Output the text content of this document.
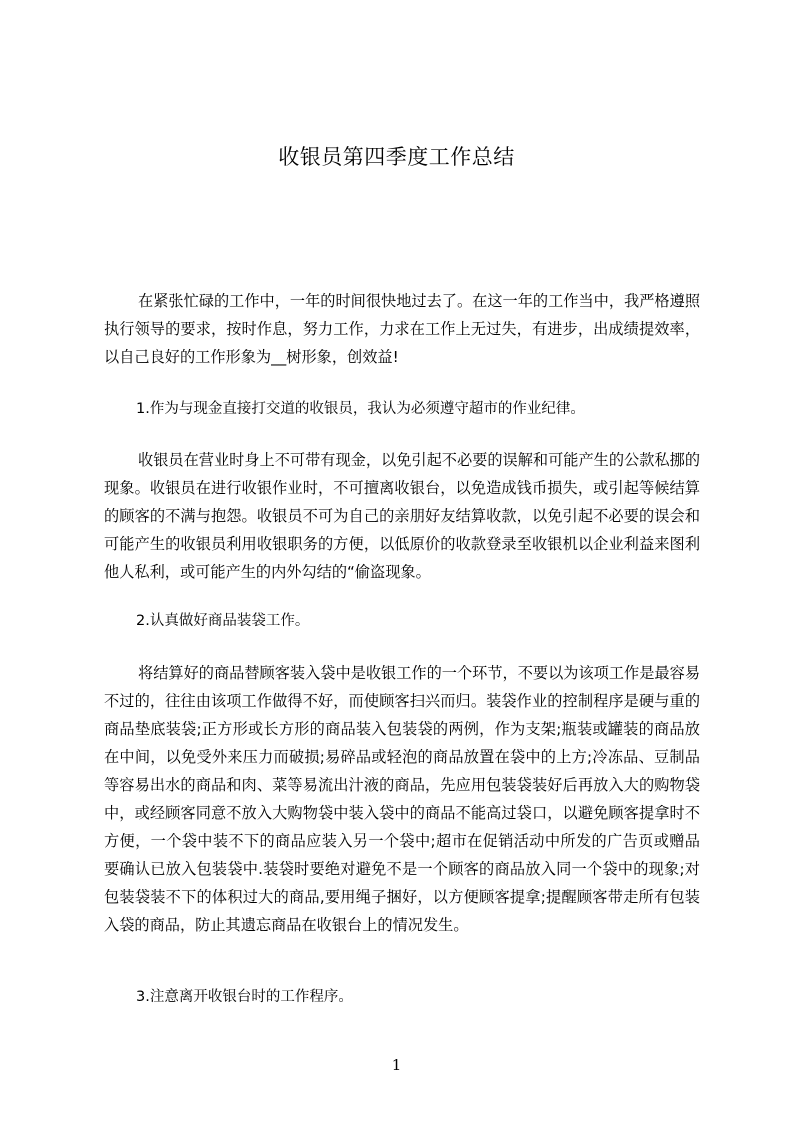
收银员第四季度工作总结

在紧张忙碌的工作中，一年的时间很快地过去了。在这一年的工作当中，我严格遵照执行领导的要求，按时作息，努力工作，力求在工作上无过失，有进步，出成绩提效率，以自己良好的工作形象为__树形象，创效益!

1.作为与现金直接打交道的收银员，我认为必须遵守超市的作业纪律。

收银员在营业时身上不可带有现金，以免引起不必要的误解和可能产生的公款私挪的现象。收银员在进行收银作业时，不可擅离收银台，以免造成钱币损失，或引起等候结算的顾客的不满与抱怨。收银员不可为自己的亲朋好友结算收款，以免引起不必要的误会和可能产生的收银员利用收银职务的方便，以低原价的收款登录至收银机以企业利益来图利他人私利，或可能产生的内外勾结的“偷盗现象。

2.认真做好商品装袋工作。

将结算好的商品替顾客装入袋中是收银工作的一个环节，不要以为该项工作是最容易不过的，往往由该项工作做得不好，而使顾客扫兴而归。装袋作业的控制程序是硬与重的商品垫底装袋;正方形或长方形的商品装入包装袋的两例，作为支架;瓶装或罐装的商品放在中间，以免受外来压力而破损;易碎品或轻泡的商品放置在袋中的上方;冷冻品、豆制品等容易出水的商品和肉、菜等易流出汁液的商品，先应用包装袋装好后再放入大的购物袋中，或经顾客同意不放入大购物袋中装入袋中的商品不能高过袋口，以避免顾客提拿时不方便，一个袋中装不下的商品应装入另一个袋中;超市在促销活动中所发的广告页或赠品要确认已放入包装袋中.装袋时要绝对避免不是一个顾客的商品放入同一个袋中的现象;对包装袋装不下的体积过大的商品,要用绳子捆好，以方便顾客提拿;提醒顾客带走所有包装入袋的商品，防止其遗忘商品在收银台上的情况发生。

3.注意离开收银台时的工作程序。

1
